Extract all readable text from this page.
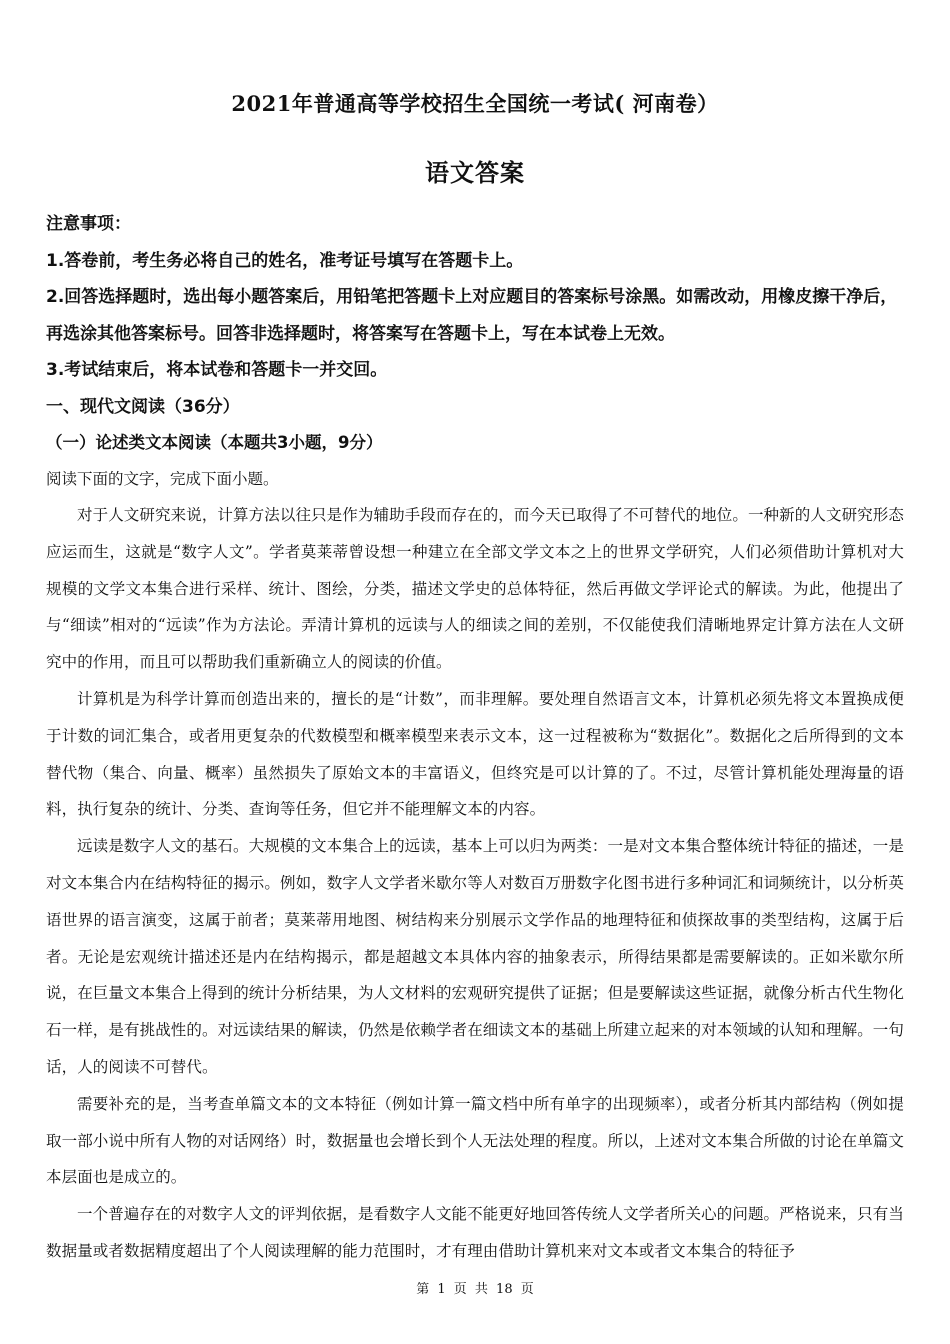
2021年普通高等学校招生全国统一考试( 河南卷）
语文答案

注意事项：

1.答卷前，考生务必将自己的姓名，准考证号填写在答题卡上。

2.回答选择题时，选出每小题答案后，用铅笔把答题卡上对应题目的答案标号涂黑。如需改动，用橡皮擦干净后，再选涂其他答案标号。回答非选择题时，将答案写在答题卡上，写在本试卷上无效。

3.考试结束后，将本试卷和答题卡一并交回。

一、现代文阅读（36分）

（一）论述类文本阅读（本题共3小题，9分）

阅读下面的文字，完成下面小题。

对于人文研究来说，计算方法以往只是作为辅助手段而存在的，而今天已取得了不可替代的地位。一种新的人文研究形态应运而生，这就是“数字人文”。学者莫莱蒂曾设想一种建立在全部文学文本之上的世界文学研究，人们必须借助计算机对大规模的文学文本集合进行采样、统计、图绘，分类，描述文学史的总体特征，然后再做文学评论式的解读。为此，他提出了与“细读”相对的“远读”作为方法论。弄清计算机的远读与人的细读之间的差别，不仅能使我们清晰地界定计算方法在人文研究中的作用，而且可以帮助我们重新确立人的阅读的价值。

计算机是为科学计算而创造出来的，擅长的是“计数”，而非理解。要处理自然语言文本，计算机必须先将文本置换成便于计数的词汇集合，或者用更复杂的代数模型和概率模型来表示文本，这一过程被称为“数据化”。数据化之后所得到的文本替代物（集合、向量、概率）虽然损失了原始文本的丰富语义，但终究是可以计算的了。不过，尽管计算机能处理海量的语料，执行复杂的统计、分类、查询等任务，但它并不能理解文本的内容。

远读是数字人文的基石。大规模的文本集合上的远读，基本上可以归为两类：一是对文本集合整体统计特征的描述，一是对文本集合内在结构特征的揭示。例如，数字人文学者米歇尔等人对数百万册数字化图书进行多种词汇和词频统计，以分析英语世界的语言演变，这属于前者；莫莱蒂用地图、树结构来分别展示文学作品的地理特征和侦探故事的类型结构，这属于后者。无论是宏观统计描述还是内在结构揭示，都是超越文本具体内容的抽象表示，所得结果都是需要解读的。正如米歇尔所说，在巨量文本集合上得到的统计分析结果，为人文材料的宏观研究提供了证据；但是要解读这些证据，就像分析古代生物化石一样，是有挑战性的。对远读结果的解读，仍然是依赖学者在细读文本的基础上所建立起来的对本领域的认知和理解。一句话，人的阅读不可替代。

需要补充的是，当考查单篇文本的文本特征（例如计算一篇文档中所有单字的出现频率），或者分析其内部结构（例如提取一部小说中所有人物的对话网络）时，数据量也会增长到个人无法处理的程度。所以，上述对文本集合所做的讨论在单篇文本层面也是成立的。

一个普遍存在的对数字人文的评判依据，是看数字人文能不能更好地回答传统人文学者所关心的问题。严格说来，只有当数据量或者数据精度超出了个人阅读理解的能力范围时，才有理由借助计算机来对文本或者文本集合的特征予

第 1 页 共 18 页
